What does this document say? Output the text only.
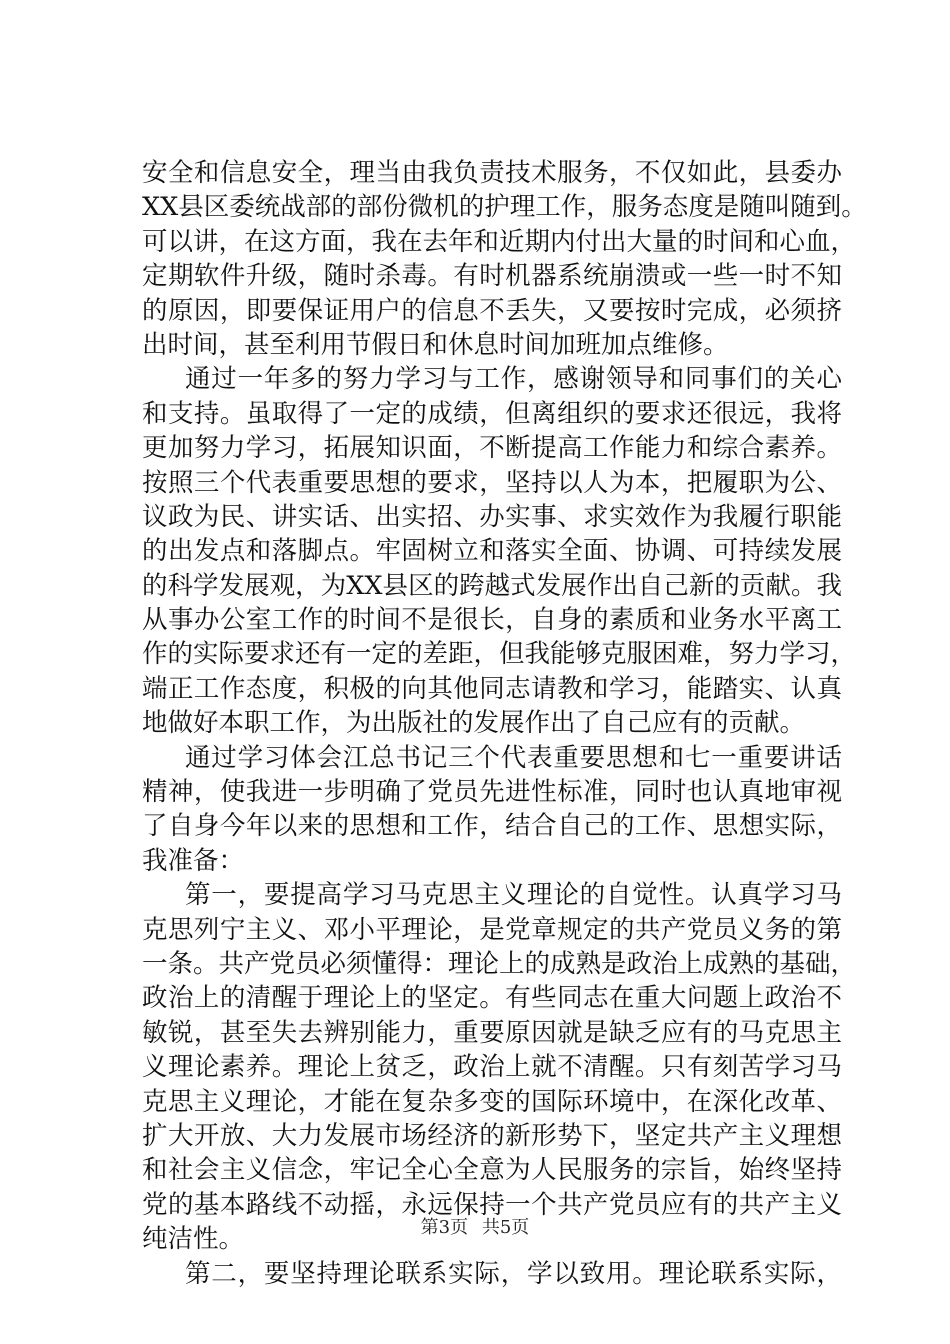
安全和信息安全，理当由我负责技术服务，不仅如此，县委办
XX县区委统战部的部份微机的护理工作，服务态度是随叫随到。
可以讲，在这方面，我在去年和近期内付出大量的时间和心血，
定期软件升级，随时杀毒。有时机器系统崩溃或一些一时不知
的原因，即要保证用户的信息不丢失，又要按时完成，必须挤
出时间，甚至利用节假日和休息时间加班加点维修。
通过一年多的努力学习与工作，感谢领导和同事们的关心
和支持。虽取得了一定的成绩，但离组织的要求还很远，我将
更加努力学习，拓展知识面，不断提高工作能力和综合素养。
按照三个代表重要思想的要求，坚持以人为本，把履职为公、
议政为民、讲实话、出实招、办实事、求实效作为我履行职能
的出发点和落脚点。牢固树立和落实全面、协调、可持续发展
的科学发展观，为XX县区的跨越式发展作出自己新的贡献。我
从事办公室工作的时间不是很长，自身的素质和业务水平离工
作的实际要求还有一定的差距，但我能够克服困难，努力学习，
端正工作态度，积极的向其他同志请教和学习，能踏实、认真
地做好本职工作，为出版社的发展作出了自己应有的贡献。
通过学习体会江总书记三个代表重要思想和七一重要讲话
精神，使我进一步明确了党员先进性标准，同时也认真地审视
了自身今年以来的思想和工作，结合自己的工作、思想实际，
我准备：
第一，要提高学习马克思主义理论的自觉性。认真学习马
克思列宁主义、邓小平理论，是党章规定的共产党员义务的第
一条。共产党员必须懂得：理论上的成熟是政治上成熟的基础，
政治上的清醒于理论上的坚定。有些同志在重大问题上政治不
敏锐，甚至失去辨别能力，重要原因就是缺乏应有的马克思主
义理论素养。理论上贫乏，政治上就不清醒。只有刻苦学习马
克思主义理论，才能在复杂多变的国际环境中，在深化改革、
扩大开放、大力发展市场经济的新形势下，坚定共产主义理想
和社会主义信念，牢记全心全意为人民服务的宗旨，始终坚持
党的基本路线不动摇，永远保持一个共产党员应有的共产主义
纯洁性。
第二，要坚持理论联系实际，学以致用。理论联系实际，
第3页 共5页
